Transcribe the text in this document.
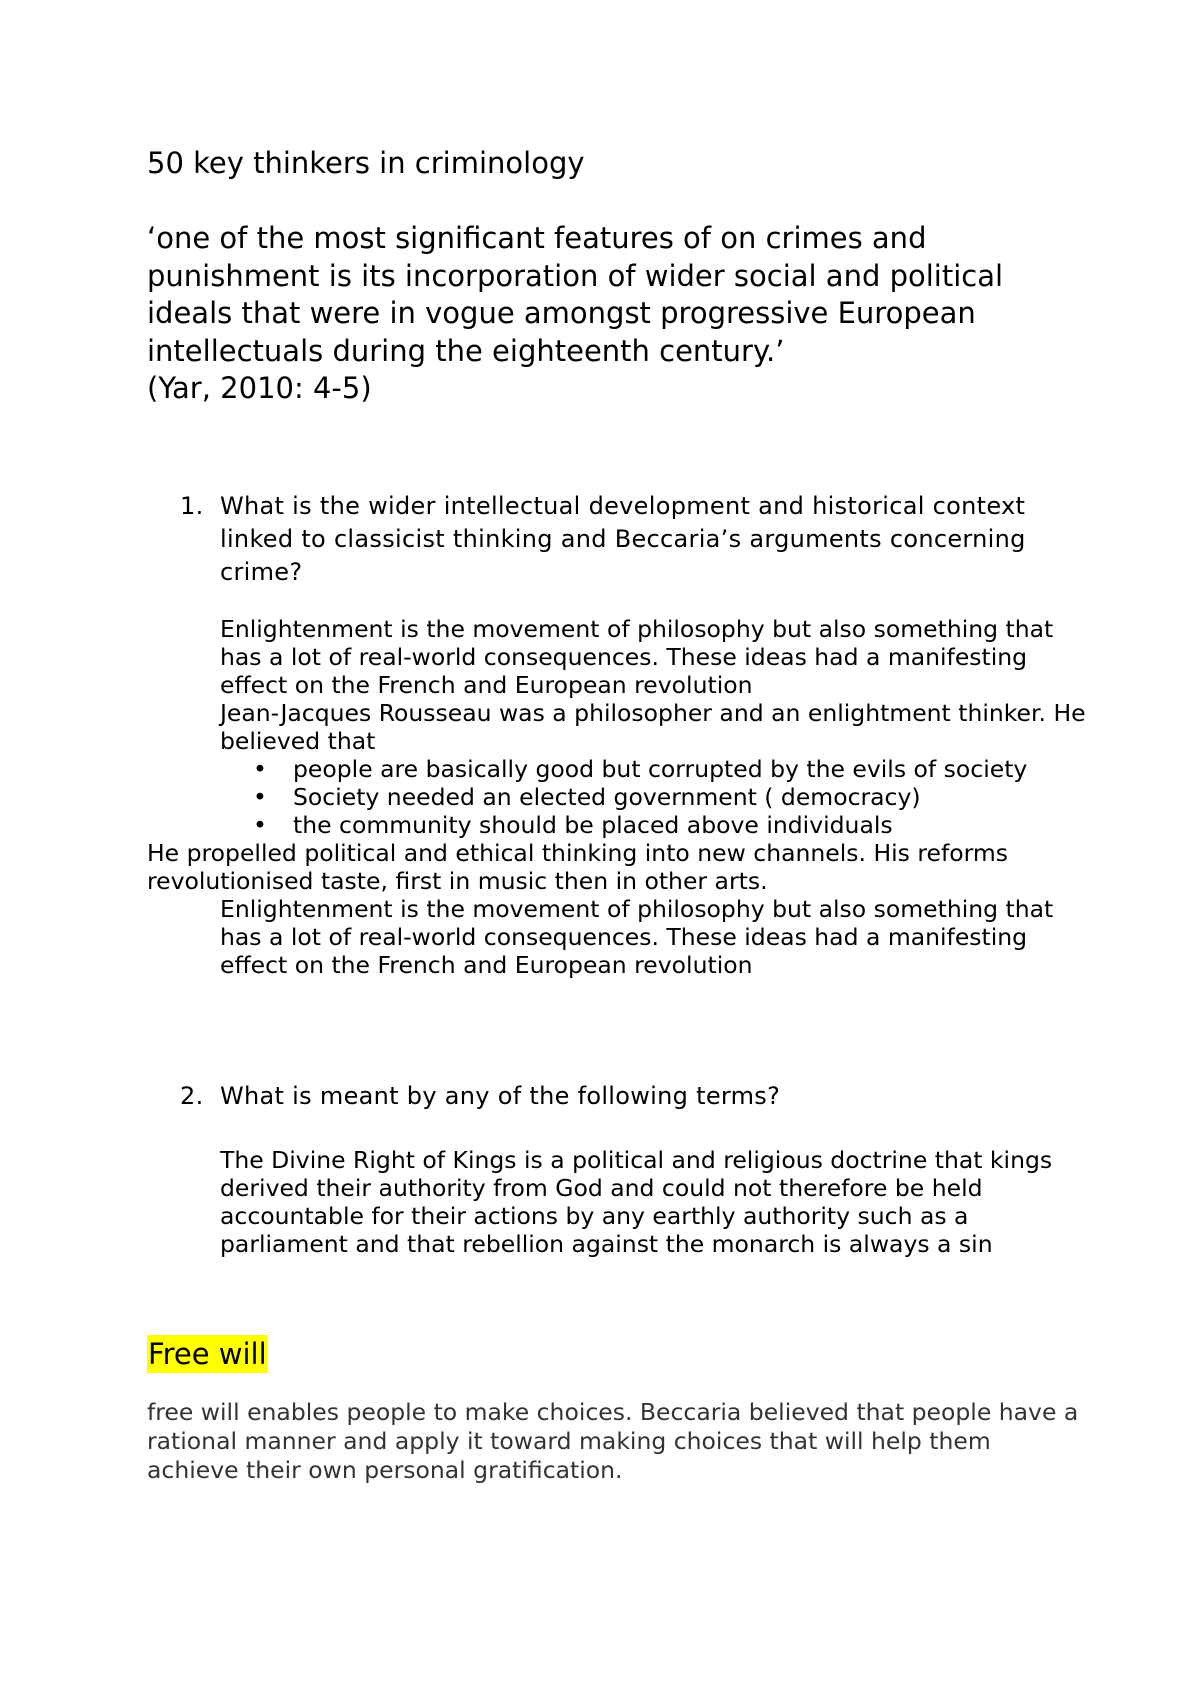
50 key thinkers in criminology

‘one of the most significant features of on crimes and punishment is its incorporation of wider social and political ideals that were in vogue amongst progressive European intellectuals during the eighteenth century.’

(Yar, 2010: 4-5)

1. What is the wider intellectual development and historical context linked to classicist thinking and Beccaria’s arguments concerning crime?

Enlightenment is the movement of philosophy but also something that has a lot of real-world consequences. These ideas had a manifesting effect on the French and European revolution

Jean-Jacques Rousseau was a philosopher and an enlightment thinker. He believed that

• people are basically good but corrupted by the evils of society
• Society needed an elected government ( democracy)
• the community should be placed above individuals

He propelled political and ethical thinking into new channels. His reforms revolutionised taste, first in music then in other arts.

Enlightenment is the movement of philosophy but also something that has a lot of real-world consequences. These ideas had a manifesting effect on the French and European revolution

2. What is meant by any of the following terms?

The Divine Right of Kings is a political and religious doctrine that kings derived their authority from God and could not therefore be held accountable for their actions by any earthly authority such as a parliament and that rebellion against the monarch is always a sin

Free will

free will enables people to make choices. Beccaria believed that people have a rational manner and apply it toward making choices that will help them achieve their own personal gratification.
